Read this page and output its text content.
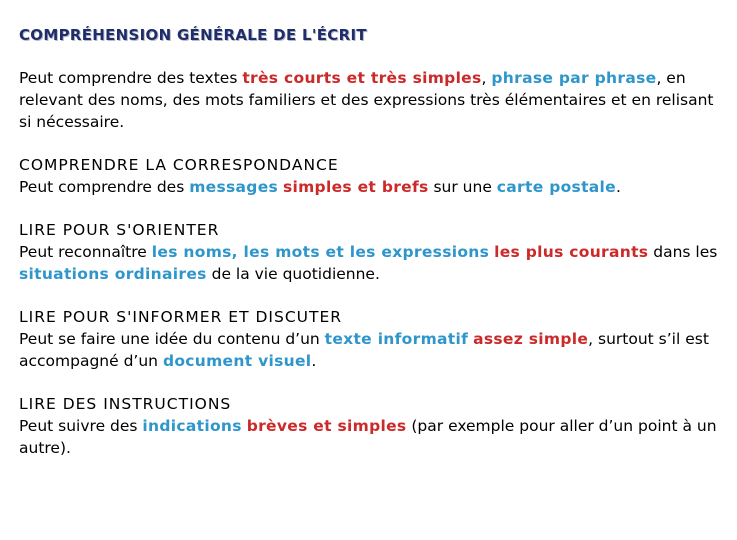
COMPRÉHENSION GÉNÉRALE DE L'ÉCRIT

Peut comprendre des textes très courts et très simples, phrase par phrase, en relevant des noms, des mots familiers et des expressions très élémentaires et en relisant si nécessaire.

COMPRENDRE LA CORRESPONDANCE

Peut comprendre des messages simples et brefs sur une carte postale.

LIRE POUR S'ORIENTER

Peut reconnaître les noms, les mots et les expressions les plus courants dans les situations ordinaires de la vie quotidienne.

LIRE POUR S'INFORMER ET DISCUTER

Peut se faire une idée du contenu d’un texte informatif assez simple, surtout s’il est accompagné d’un document visuel.

LIRE DES INSTRUCTIONS

Peut suivre des indications brèves et simples (par exemple pour aller d’un point à un autre).
